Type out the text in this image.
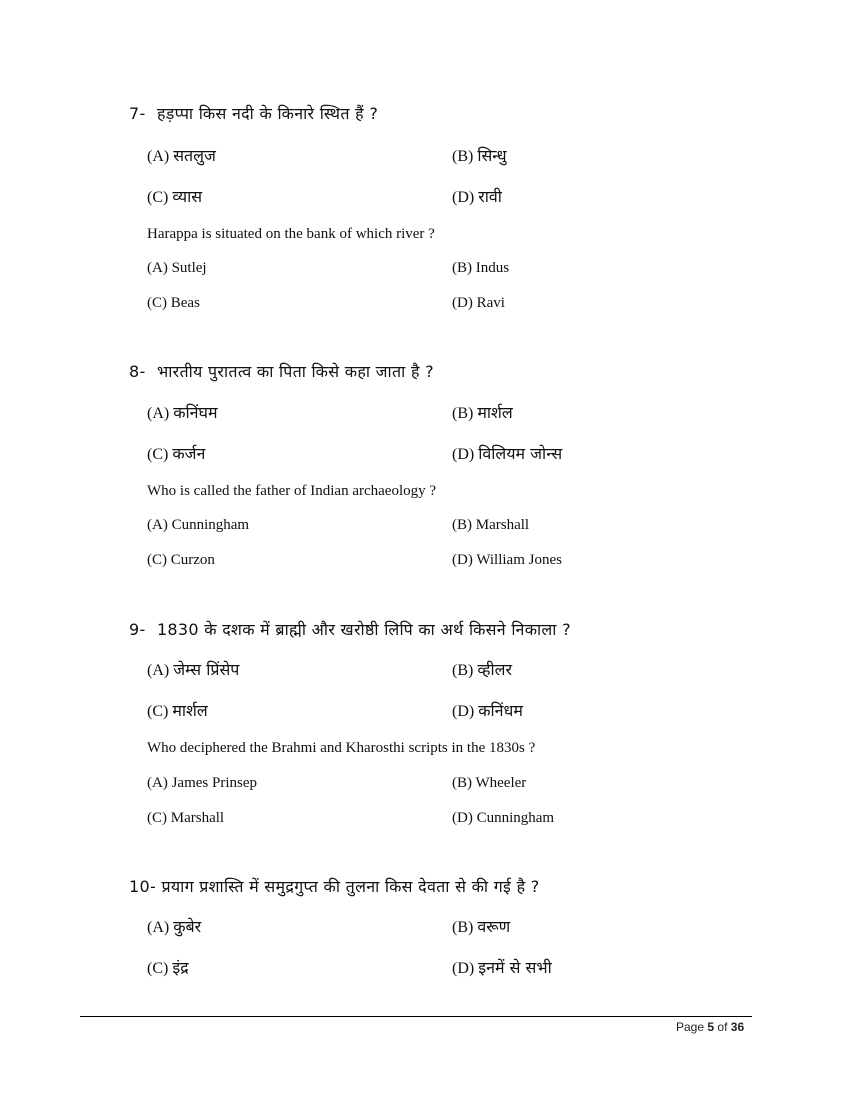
7- हड़प्पा किस नदी के किनारे स्थित हैं ?
(A) सतलुज	(B) सिन्धु
(C) व्यास	(D) रावी
Harappa is situated on the bank of which river ?
(A) Sutlej	(B) Indus
(C) Beas	(D) Ravi
8- भारतीय पुरातत्व का पिता किसे कहा जाता है ?
(A) कनिंघम	(B) मार्शल
(C) कर्जन	(D) विलियम जोन्स
Who is called the father of Indian archaeology ?
(A) Cunningham	(B) Marshall
(C) Curzon	(D) William Jones
9- 1830 के दशक में ब्राह्मी और खरोष्ठी लिपि का अर्थ किसने निकाला ?
(A) जेम्स प्रिंसेप	(B) व्हीलर
(C) मार्शल	(D) कनिंधम
Who deciphered the Brahmi and Kharosthi scripts in the 1830s ?
(A) James Prinsep	(B) Wheeler
(C) Marshall	(D) Cunningham
10- प्रयाग प्रशास्ति में समुद्रगुप्त की तुलना किस देवता से की गई है ?
(A) कुबेर	(B) वरूण
(C) इंद्र	(D) इनमें से सभी
Page 5 of 36
